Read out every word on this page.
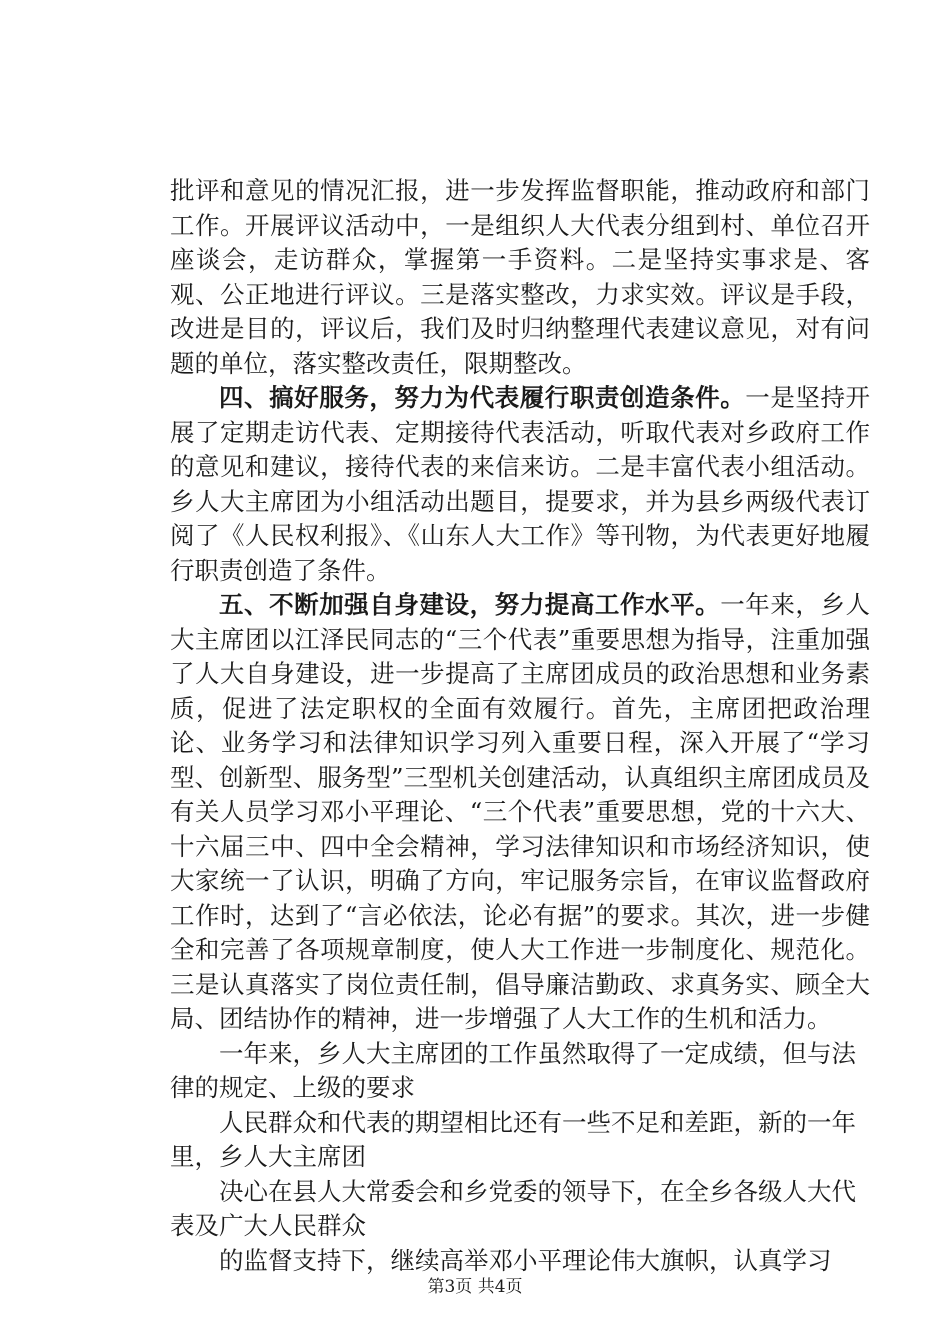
批评和意见的情况汇报，进一步发挥监督职能，推动政府和部门工作。开展评议活动中，一是组织人大代表分组到村、单位召开座谈会，走访群众，掌握第一手资料。二是坚持实事求是、客观、公正地进行评议。三是落实整改，力求实效。评议是手段，改进是目的，评议后，我们及时归纳整理代表建议意见，对有问题的单位，落实整改责任，限期整改。

四、搞好服务，努力为代表履行职责创造条件。一是坚持开展了定期走访代表、定期接待代表活动，听取代表对乡政府工作的意见和建议，接待代表的来信来访。二是丰富代表小组活动。乡人大主席团为小组活动出题目，提要求，并为县乡两级代表订阅了《人民权利报》、《山东人大工作》等刊物，为代表更好地履行职责创造了条件。

五、不断加强自身建设，努力提高工作水平。一年来，乡人大主席团以江泽民同志的“三个代表”重要思想为指导，注重加强了人大自身建设，进一步提高了主席团成员的政治思想和业务素质，促进了法定职权的全面有效履行。首先，主席团把政治理论、业务学习和法律知识学习列入重要日程，深入开展了“学习型、创新型、服务型”三型机关创建活动，认真组织主席团成员及有关人员学习邓小平理论、“三个代表”重要思想，党的十六大、十六届三中、四中全会精神，学习法律知识和市场经济知识，使大家统一了认识，明确了方向，牢记服务宗旨，在审议监督政府工作时，达到了“言必依法，论必有据”的要求。其次，进一步健全和完善了各项规章制度，使人大工作进一步制度化、规范化。三是认真落实了岗位责任制，倡导廉洁勤政、求真务实、顾全大局、团结协作的精神，进一步增强了人大工作的生机和活力。

一年来，乡人大主席团的工作虽然取得了一定成绩，但与法律的规定、上级的要求

人民群众和代表的期望相比还有一些不足和差距，新的一年里，乡人大主席团

决心在县人大常委会和乡党委的领导下，在全乡各级人大代表及广大人民群众

的监督支持下，继续高举邓小平理论伟大旗帜，认真学习

第3页 共4页
